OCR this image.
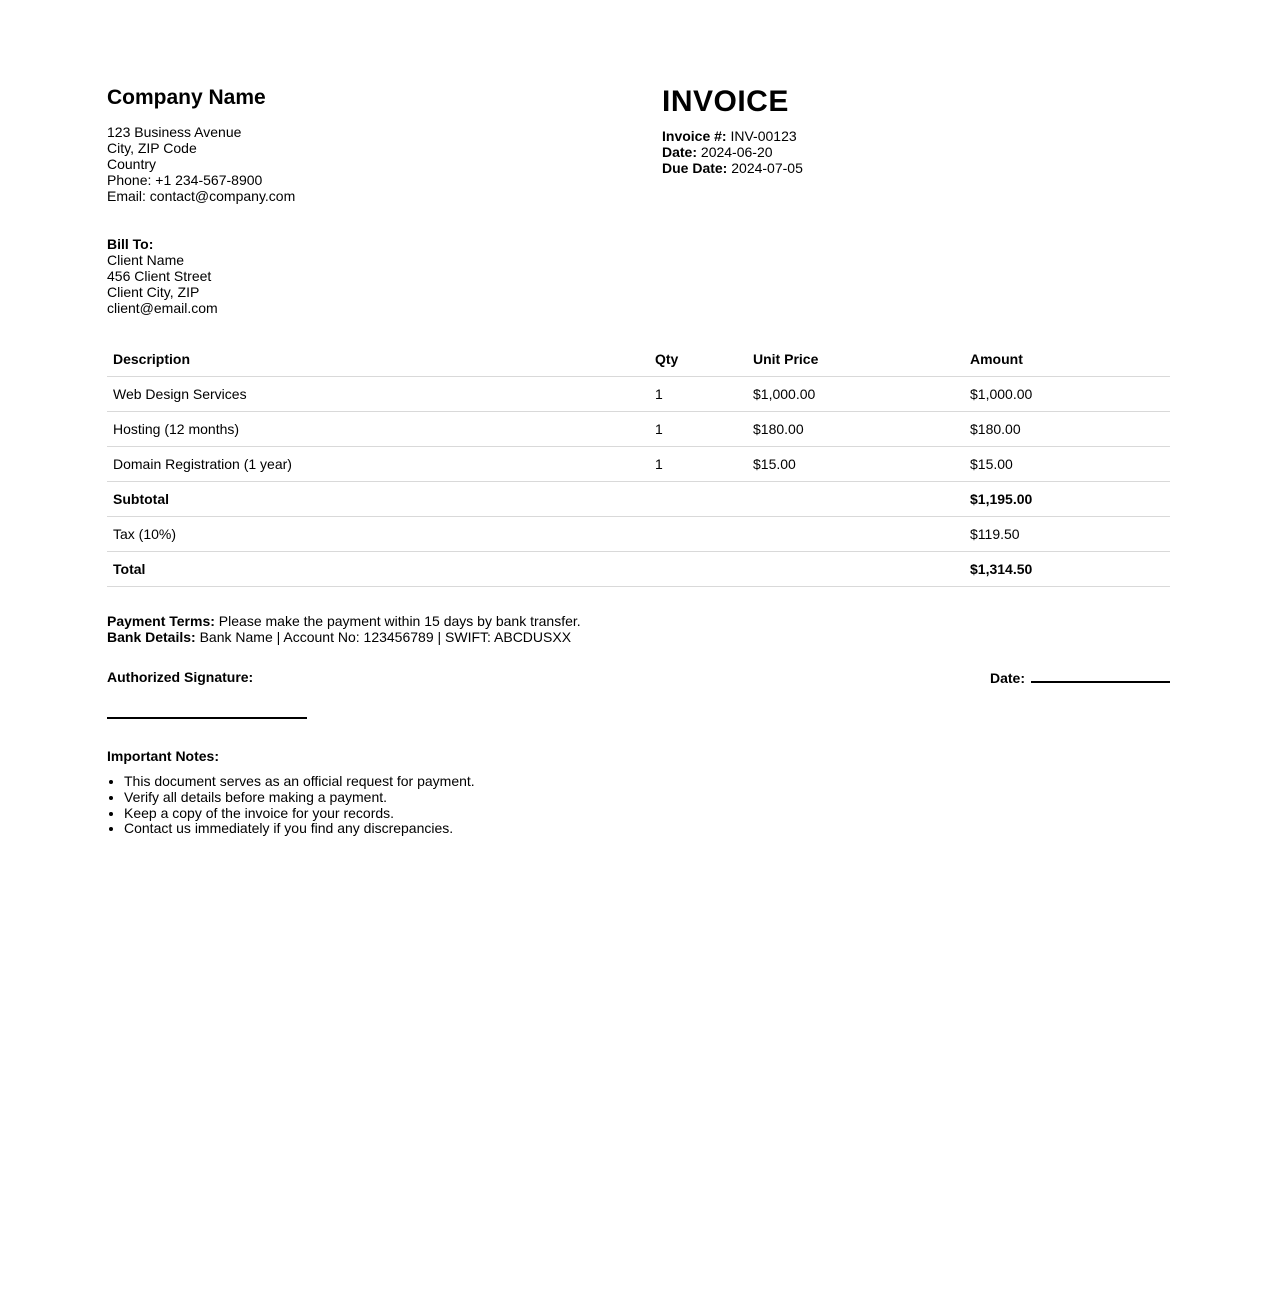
Company Name

123 Business Avenue

City, ZIP Code

Country

Phone: +1 234-567-8900

Email: contact@company.com

Bill To:

Client Name

456 Client Street

Client City, ZIP

client@email.com

INVOICE

Invoice #: INV-00123

Date: 2024-06-20

Due Date: 2024-07-05

Description	Qty	Unit Price	Amount
Web Design Services	1	$1,000.00	$1,000.00
Hosting (12 months)	1	$180.00	$180.00
Domain Registration (1 year)	1	$15.00	$15.00
Subtotal			$1,195.00
Tax (10%)			$119.50
Total			$1,314.50

Payment Terms: Please make the payment within 15 days by bank transfer.

Bank Details: Bank Name | Account No: 123456789 | SWIFT: ABCDUSXX

Authorized Signature:	Date:

Important Notes:

• This document serves as an official request for payment.
• Verify all details before making a payment.
• Keep a copy of the invoice for your records.
• Contact us immediately if you find any discrepancies.
